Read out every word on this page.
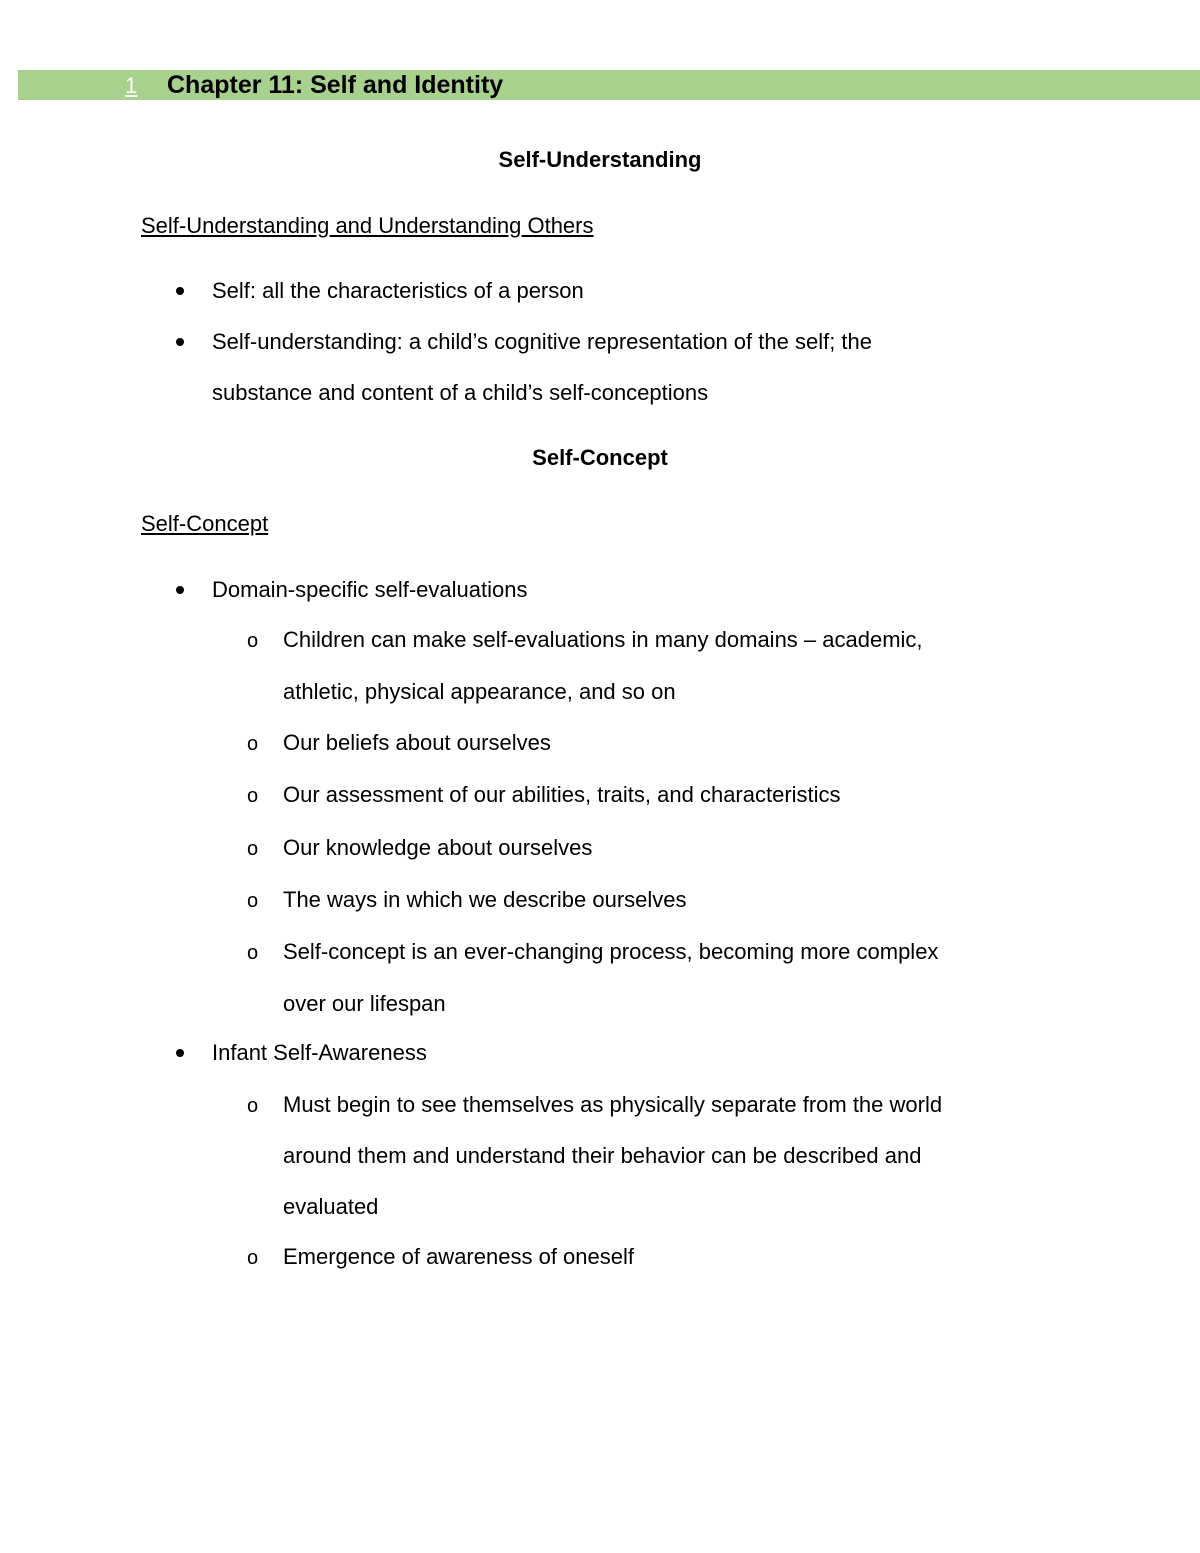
1 Chapter 11: Self and Identity
Self-Understanding
Self-Understanding and Understanding Others
Self: all the characteristics of a person
Self-understanding: a child’s cognitive representation of the self; the
substance and content of a child’s self-conceptions
Self-Concept
Self-Concept
Domain-specific self-evaluations
o Children can make self-evaluations in many domains – academic,
athletic, physical appearance, and so on
o Our beliefs about ourselves
o Our assessment of our abilities, traits, and characteristics
o Our knowledge about ourselves
o The ways in which we describe ourselves
o Self-concept is an ever-changing process, becoming more complex
over our lifespan
Infant Self-Awareness
o Must begin to see themselves as physically separate from the world
around them and understand their behavior can be described and
evaluated
o Emergence of awareness of oneself
